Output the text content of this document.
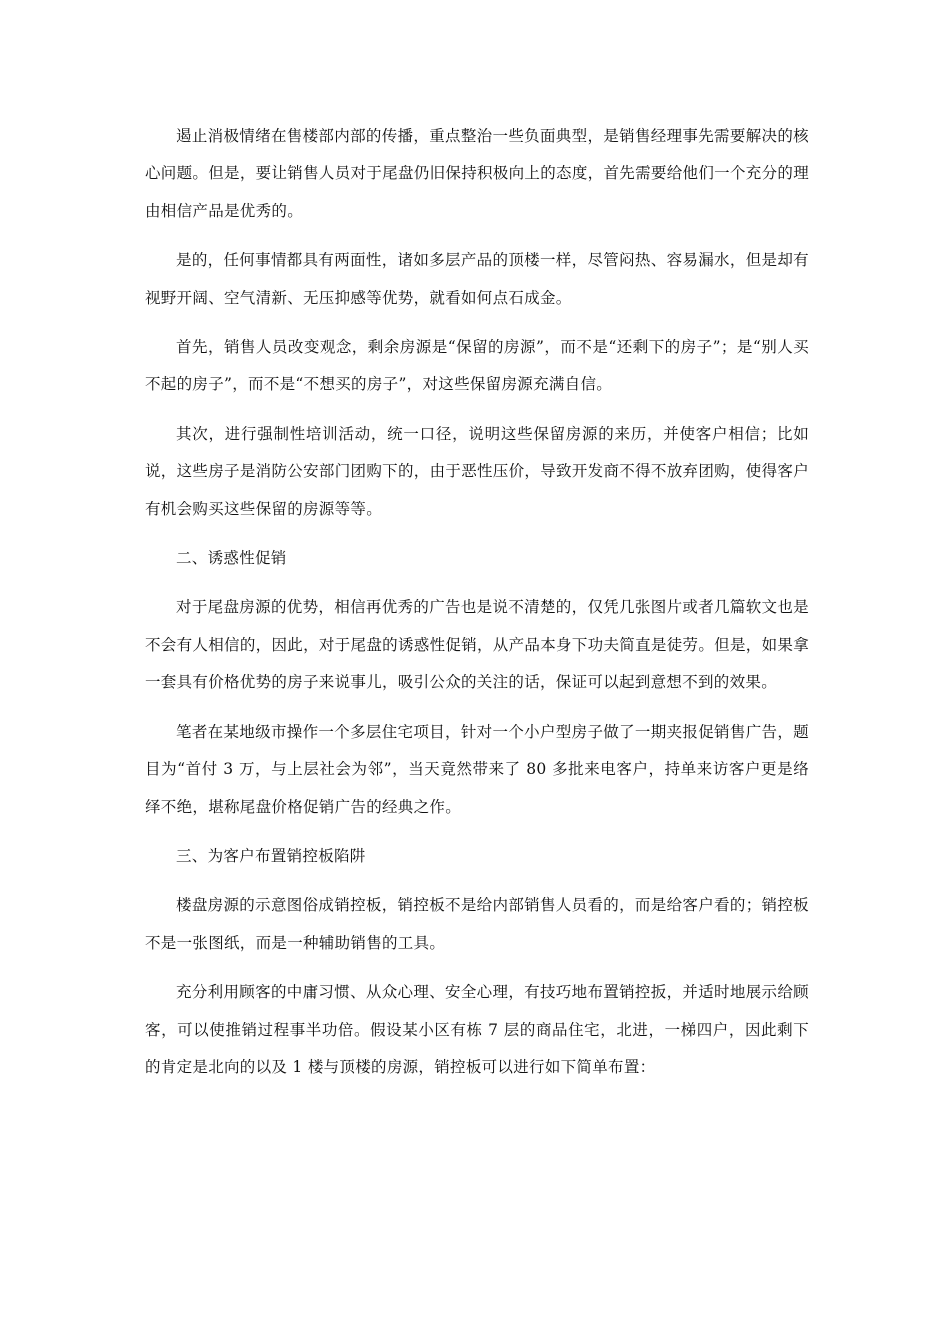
遏止消极情绪在售楼部内部的传播，重点整治一些负面典型，是销售经理事先需要解决的核心问题。但是，要让销售人员对于尾盘仍旧保持积极向上的态度，首先需要给他们一个充分的理由相信产品是优秀的。

是的，任何事情都具有两面性，诸如多层产品的顶楼一样，尽管闷热、容易漏水，但是却有视野开阔、空气清新、无压抑感等优势，就看如何点石成金。

首先，销售人员改变观念，剩余房源是“保留的房源”，而不是“还剩下的房子”；是“别人买不起的房子”，而不是“不想买的房子”，对这些保留房源充满自信。

其次，进行强制性培训活动，统一口径，说明这些保留房源的来历，并使客户相信；比如说，这些房子是消防公安部门团购下的，由于恶性压价，导致开发商不得不放弃团购，使得客户有机会购买这些保留的房源等等。

二、诱惑性促销

对于尾盘房源的优势，相信再优秀的广告也是说不清楚的，仅凭几张图片或者几篇软文也是不会有人相信的，因此，对于尾盘的诱惑性促销，从产品本身下功夫简直是徒劳。但是，如果拿一套具有价格优势的房子来说事儿，吸引公众的关注的话，保证可以起到意想不到的效果。

笔者在某地级市操作一个多层住宅项目，针对一个小户型房子做了一期夹报促销售广告，题目为“首付 3 万，与上层社会为邻”，当天竟然带来了 80 多批来电客户，持单来访客户更是络绎不绝，堪称尾盘价格促销广告的经典之作。

三、为客户布置销控板陷阱

楼盘房源的示意图俗成销控板，销控板不是给内部销售人员看的，而是给客户看的；销控板不是一张图纸，而是一种辅助销售的工具。

充分利用顾客的中庸习惯、从众心理、安全心理，有技巧地布置销控扳，并适时地展示给顾客，可以使推销过程事半功倍。假设某小区有栋 7 层的商品住宅，北进，一梯四户，因此剩下的肯定是北向的以及 1 楼与顶楼的房源，销控板可以进行如下简单布置：
